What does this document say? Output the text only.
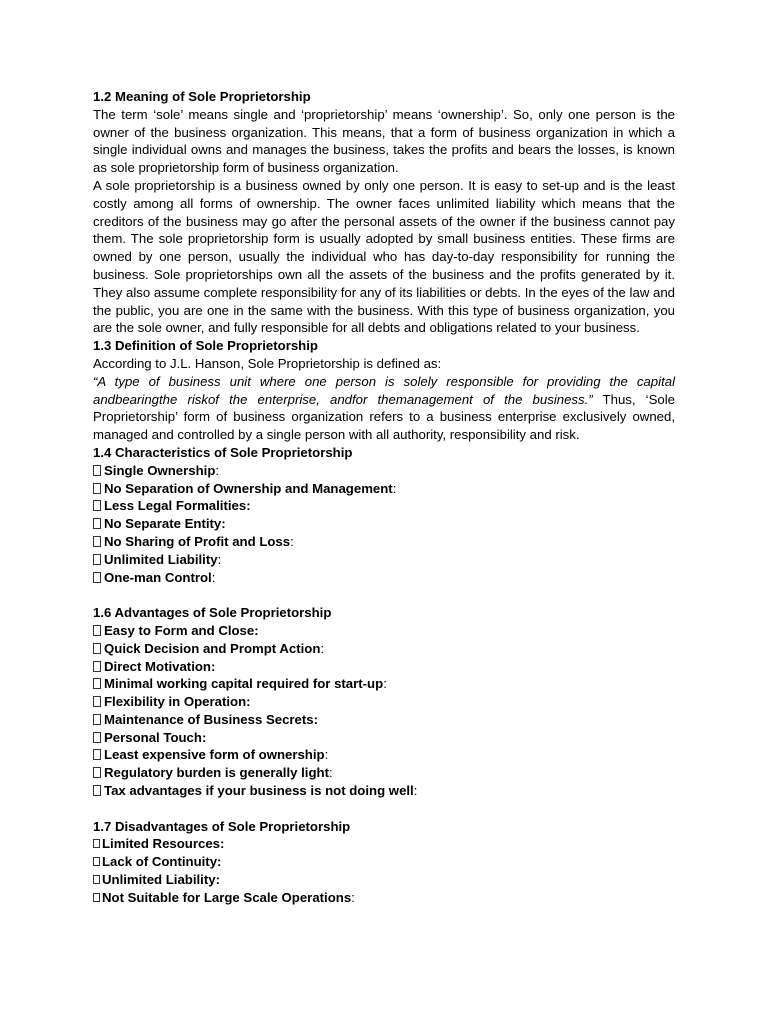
1.2 Meaning of Sole Proprietorship

The term ‘sole’ means single and ‘proprietorship’ means ‘ownership’. So, only one person is the owner of the business organization. This means, that a form of business organization in which a single individual owns and manages the business, takes the profits and bears the losses, is known as sole proprietorship form of business organization.

A sole proprietorship is a business owned by only one person. It is easy to set-up and is the least costly among all forms of ownership. The owner faces unlimited liability which means that the creditors of the business may go after the personal assets of the owner if the business cannot pay them. The sole proprietorship form is usually adopted by small business entities. These firms are owned by one person, usually the individual who has day-to-day responsibility for running the business. Sole proprietorships own all the assets of the business and the profits generated by it. They also assume complete responsibility for any of its liabilities or debts. In the eyes of the law and the public, you are one in the same with the business. With this type of business organization, you are the sole owner, and fully responsible for all debts and obligations related to your business.

1.3 Definition of Sole Proprietorship

According to J.L. Hanson, Sole Proprietorship is defined as:

“A type of business unit where one person is solely responsible for providing the capital andbearingthe riskof the enterprise, andfor themanagement of the business.” Thus, ‘Sole Proprietorship’ form of business organization refers to a business enterprise exclusively owned, managed and controlled by a single person with all authority, responsibility and risk.

1.4 Characteristics of Sole Proprietorship

Single Ownership :
No Separation of Ownership and Management :
Less Legal Formalities :
No Separate Entity :
No Sharing of Profit and Loss :
Unlimited Liability :
One-man Control :

1.6 Advantages of Sole Proprietorship

Easy to Form and Close :
Quick Decision and Prompt Action :
Direct Motivation :
Minimal working capital required for start-up :
Flexibility in Operation :
Maintenance of Business Secrets :
Personal Touch :
Least expensive form of ownership :
Regulatory burden is generally light :
Tax advantages if your business is not doing well :

1.7 Disadvantages of Sole Proprietorship

Limited Resources :
Lack of Continuity :
Unlimited Liability :
Not Suitable for Large Scale Operations :
